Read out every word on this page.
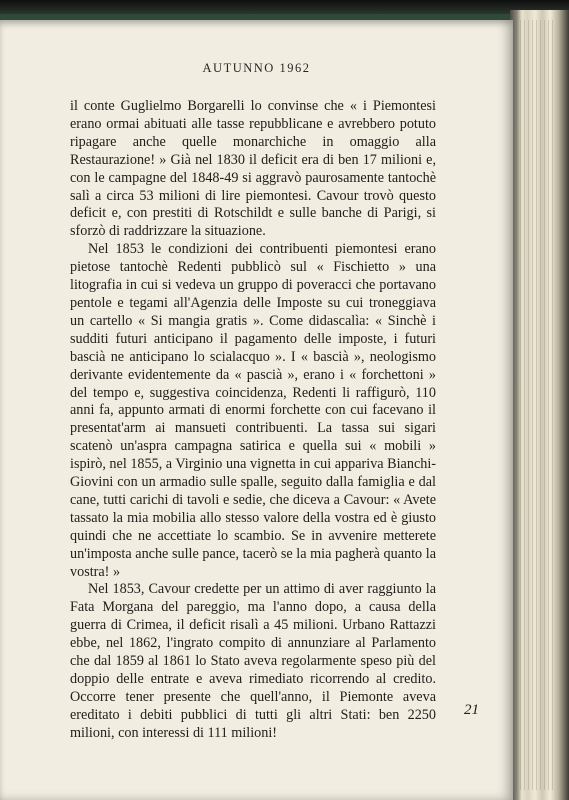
AUTUNNO 1962

il conte Guglielmo Borgarelli lo convinse che « i Piemontesi erano ormai abituati alle tasse repubblicane e avrebbero potuto ripagare anche quelle monarchiche in omaggio alla Restaurazione! » Già nel 1830 il deficit era di ben 17 milioni e, con le campagne del 1848-49 si aggravò paurosamente tantochè salì a circa 53 milioni di lire piemontesi. Cavour trovò questo deficit e, con prestiti di Rotschildt e sulle banche di Parigi, si sforzò di raddrizzare la situazione.

Nel 1853 le condizioni dei contribuenti piemontesi erano pietose tantochè Redenti pubblicò sul « Fischietto » una litografia in cui si vedeva un gruppo di poveracci che portavano pentole e tegami all'Agenzia delle Imposte su cui troneggiava un cartello « Si mangia gratis ». Come didascalìa: « Sinchè i sudditi futuri anticipano il pagamento delle imposte, i futuri bascià ne anticipano lo scialacquo ». I « bascià », neologismo derivante evidentemente da « pascià », erano i « forchettoni » del tempo e, suggestiva coincidenza, Redenti li raffigurò, 110 anni fa, appunto armati di enormi forchette con cui facevano il presentat'arm ai mansueti contribuenti. La tassa sui sigari scatenò un'aspra campagna satirica e quella sui « mobili » ispirò, nel 1855, a Virginio una vignetta in cui appariva Bianchi-Giovini con un armadio sulle spalle, seguito dalla famiglia e dal cane, tutti carichi di tavoli e sedie, che diceva a Cavour: « Avete tassato la mia mobilia allo stesso valore della vostra ed è giusto quindi che ne accettiate lo scambio. Se in avvenire metterete un'imposta anche sulle pance, tacerò se la mia pagherà quanto la vostra! »

Nel 1853, Cavour credette per un attimo di aver raggiunto la Fata Morgana del pareggio, ma l'anno dopo, a causa della guerra di Crimea, il deficit risalì a 45 milioni. Urbano Rattazzi ebbe, nel 1862, l'ingrato compito di annunziare al Parlamento che dal 1859 al 1861 lo Stato aveva regolarmente speso più del doppio delle entrate e aveva rimediato ricorrendo al credito. Occorre tener presente che quell'anno, il Piemonte aveva ereditato i debiti pubblici di tutti gli altri Stati: ben 2250 milioni, con interessi di 111 milioni!

21
